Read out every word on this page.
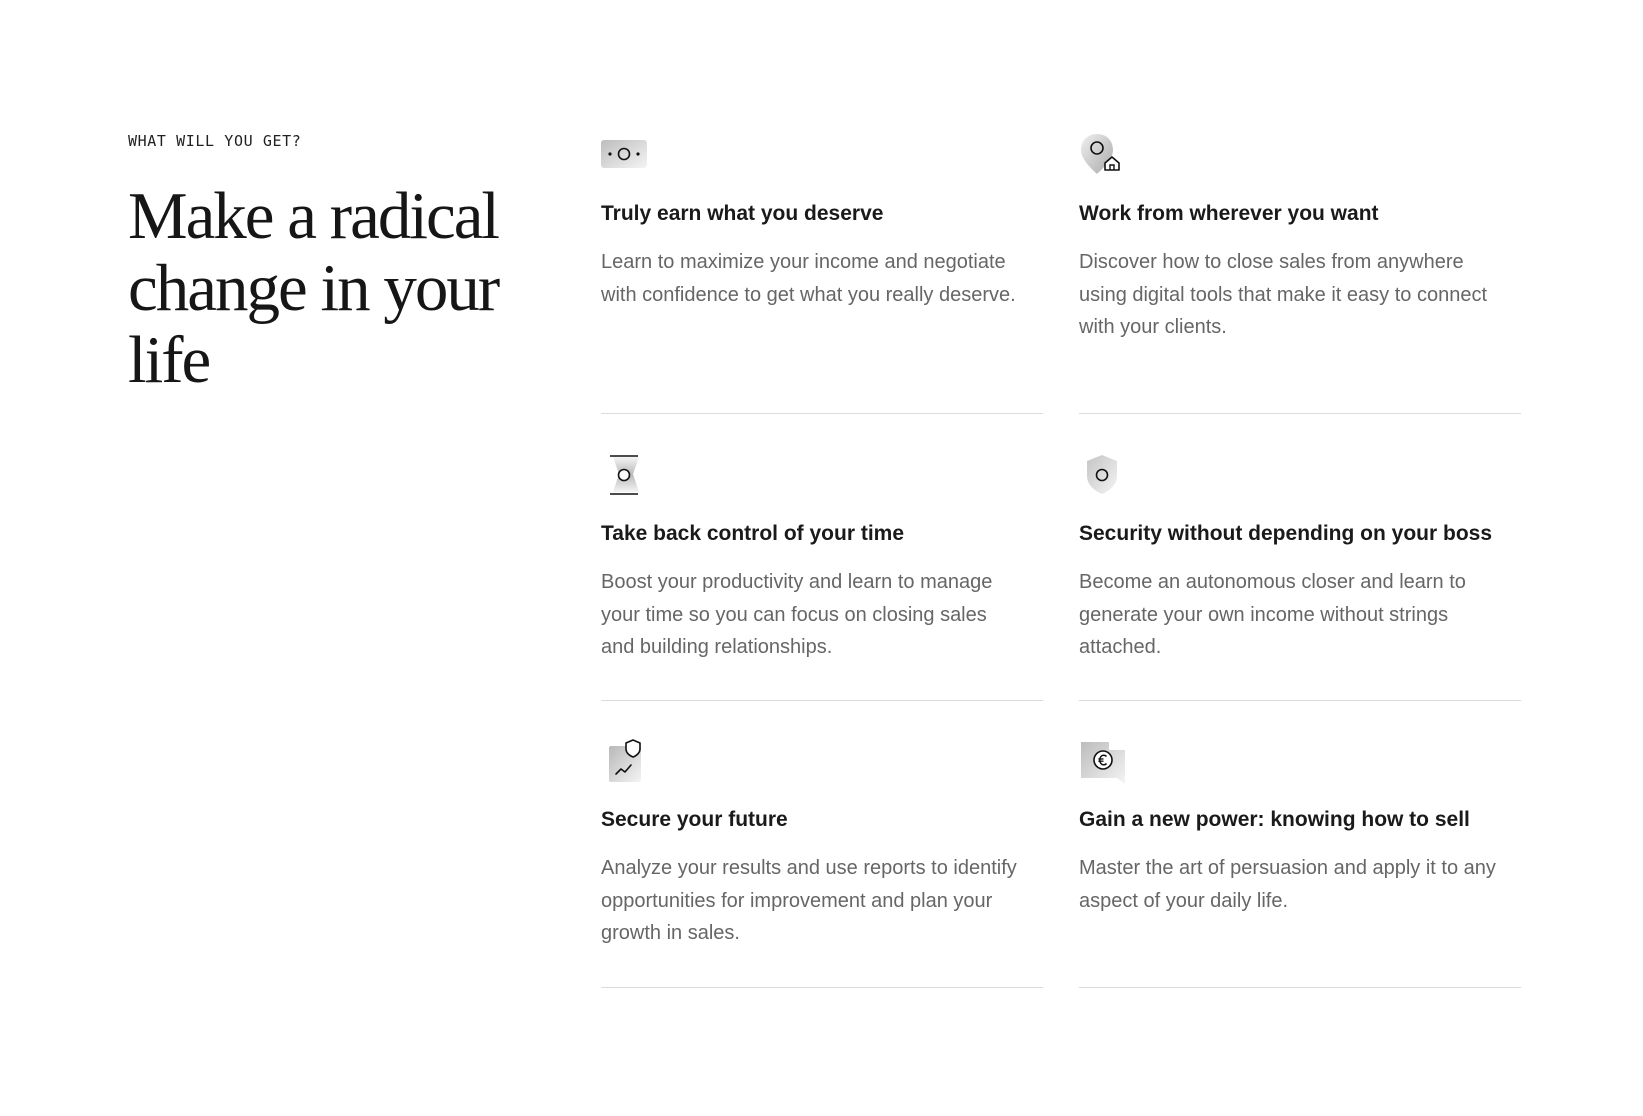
WHAT WILL YOU GET?
Make a radical change in your life
Truly earn what you deserve

Learn to maximize your income and negotiate with confidence to get what you really deserve.

Work from wherever you want

Discover how to close sales from anywhere using digital tools that make it easy to connect with your clients.

Take back control of your time

Boost your productivity and learn to manage your time so you can focus on closing sales and building relationships.

Security without depending on your boss

Become an autonomous closer and learn to generate your own income without strings attached.

Secure your future

Analyze your results and use reports to identify opportunities for improvement and plan your growth in sales.

Gain a new power: knowing how to sell

Master the art of persuasion and apply it to any aspect of your daily life.
